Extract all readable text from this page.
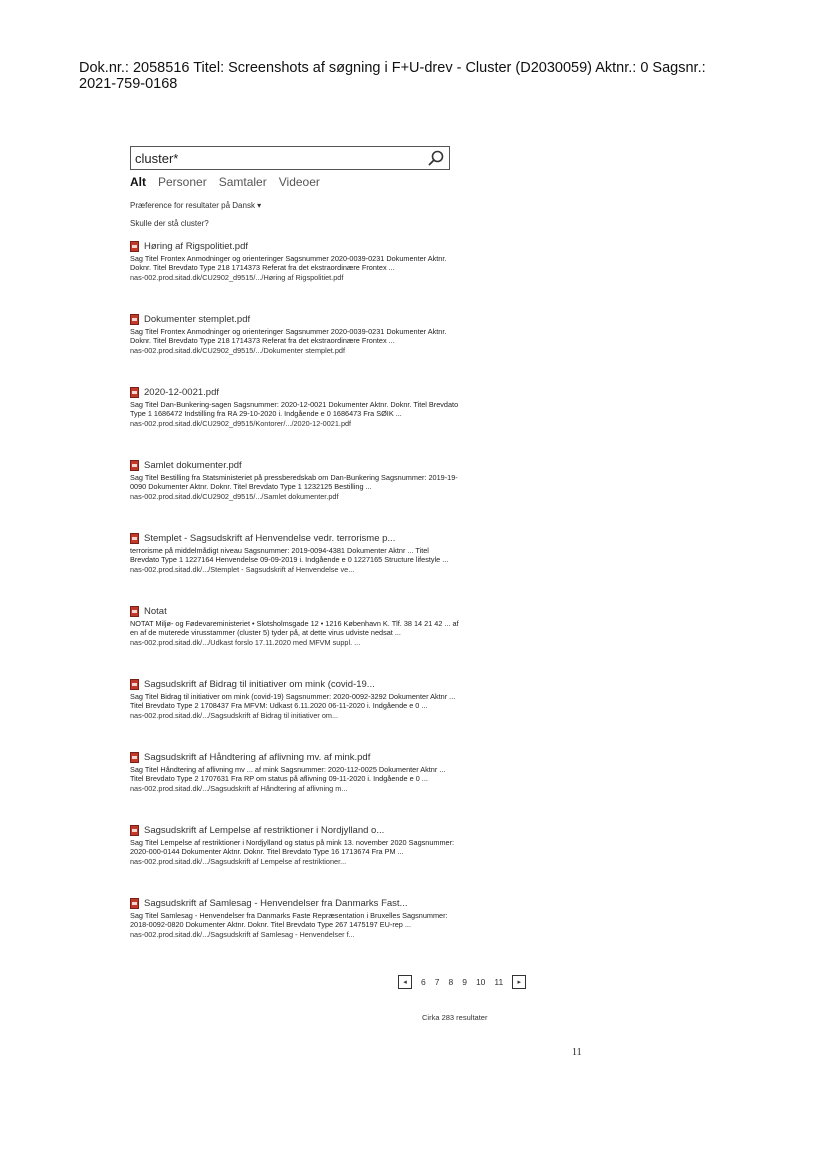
Dok.nr.: 2058516 Titel: Screenshots af søgning i F+U-drev - Cluster (D2030059) Aktnr.: 0 Sagsnr.:
2021-759-0168
cluster*
Alt Personer Samtaler Videoer
Præference for resultater på Dansk ▾
Skulle der stå cluster?
Høring af Rigspolitiet.pdf
Sag Titel Frontex Anmodninger og orienteringer Sagsnummer 2020-0039-0231 Dokumenter Aktnr. Doknr. Titel Brevdato Type 218 1714373 Referat fra det ekstraordinære Frontex ...
nas-002.prod.sitad.dk/CU2902_d9515/.../Høring af Rigspolitiet.pdf
Dokumenter stemplet.pdf
Sag Titel Frontex Anmodninger og orienteringer Sagsnummer 2020-0039-0231 Dokumenter Aktnr. Doknr. Titel Brevdato Type 218 1714373 Referat fra det ekstraordinære Frontex ...
nas-002.prod.sitad.dk/CU2902_d9515/.../Dokumenter stemplet.pdf
2020-12-0021.pdf
Sag Titel Dan-Bunkering-sagen Sagsnummer: 2020-12-0021 Dokumenter Aktnr. Doknr. Titel Brevdato Type 1 1686472 Indstilling fra RA 29-10-2020 i. Indgående e 0 1686473 Fra SØIK ...
nas-002.prod.sitad.dk/CU2902_d9515/Kontorer/.../2020-12-0021.pdf
Samlet dokumenter.pdf
Sag Titel Bestilling fra Statsministeriet på pressberedskab om Dan-Bunkering Sagsnummer: 2019-19-0090 Dokumenter Aktnr. Doknr. Titel Brevdato Type 1 1232125 Bestilling ...
nas-002.prod.sitad.dk/CU2902_d9515/.../Samlet dokumenter.pdf
Stemplet - Sagsudskrift af Henvendelse vedr. terrorisme p...
terrorisme på middelmådigt niveau Sagsnummer: 2019-0094-4381 Dokumenter Aktnr ... Titel Brevdato Type 1 1227164 Henvendelse 09-09-2019 i. Indgående e 0 1227165 Structure lifestyle ...
nas-002.prod.sitad.dk/.../Stemplet - Sagsudskrift af Henvendelse ve...
Notat
NOTAT Miljø- og Fødevareministeriet • Slotsholmsgade 12 • 1216 København K. Tlf. 38 14 21 42 ... af en af de muterede virusstammer (cluster 5) tyder på, at dette virus udviste nedsat ...
nas-002.prod.sitad.dk/.../Udkast forslo 17.11.2020 med MFVM suppl. ...
Sagsudskrift af Bidrag til initiativer om mink (covid-19...
Sag Titel Bidrag til initiativer om mink (covid-19) Sagsnummer: 2020-0092-3292 Dokumenter Aktnr ... Titel Brevdato Type 2 1708437 Fra MFVM: Udkast 6.11.2020 06-11-2020 i. Indgående e 0 ...
nas-002.prod.sitad.dk/.../Sagsudskrift af Bidrag til initiativer om...
Sagsudskrift af Håndtering af aflivning mv. af mink.pdf
Sag Titel Håndtering af aflivning mv ... af mink Sagsnummer: 2020-112-0025 Dokumenter Aktnr ... Titel Brevdato Type 2 1707631 Fra RP om status på aflivning 09-11-2020 i. Indgående e 0 ...
nas-002.prod.sitad.dk/.../Sagsudskrift af Håndtering af aflivning m...
Sagsudskrift af Lempelse af restriktioner i Nordjylland o...
Sag Titel Lempelse af restriktioner i Nordjylland og status på mink 13. november 2020 Sagsnummer: 2020-000-0144 Dokumenter Aktnr. Doknr. Titel Brevdato Type 16 1713674 Fra PM ...
nas-002.prod.sitad.dk/.../Sagsudskrift af Lempelse af restriktioner...
Sagsudskrift af Samlesag - Henvendelser fra Danmarks Fast...
Sag Titel Samlesag - Henvendelser fra Danmarks Faste Repræsentation i Bruxelles Sagsnummer: 2018-0092-0820 Dokumenter Aktnr. Doknr. Titel Brevdato Type 267 1475197 EU-rep ...
nas-002.prod.sitad.dk/.../Sagsudskrift af Samlesag - Henvendelser f...
◂	6 7 8 9 10 11	▸
Cirka 283 resultater
11
